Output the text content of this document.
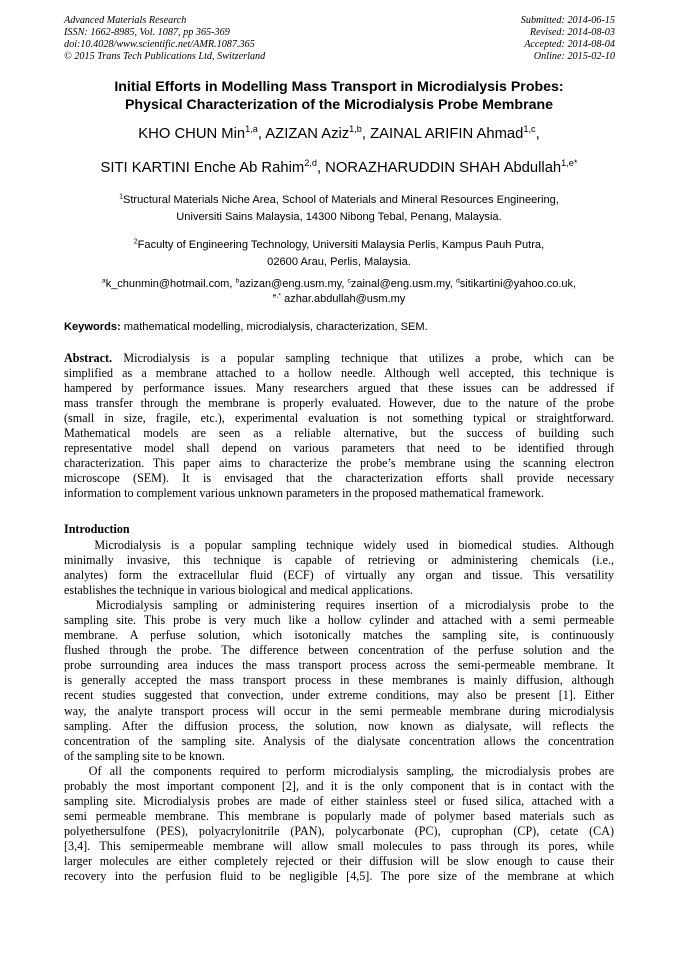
Advanced Materials Research
ISSN: 1662-8985, Vol. 1087, pp 365-369
doi:10.4028/www.scientific.net/AMR.1087.365
© 2015 Trans Tech Publications Ltd, Switzerland
Submitted: 2014-06-15
Revised: 2014-08-03
Accepted: 2014-08-04
Online: 2015-02-10
Initial Efforts in Modelling Mass Transport in Microdialysis Probes:
Physical Characterization of the Microdialysis Probe Membrane
KHO CHUN Min$^{1,a}$, AZIZAN Aziz$^{1,b}$, ZAINAL ARIFIN Ahmad$^{1,c}$,
SITI KARTINI Enche Ab Rahim$^{2,d}$, NORAZHARUDDIN SHAH Abdullah$^{1,e*}$
$^1$Structural Materials Niche Area, School of Materials and Mineral Resources Engineering,
Universiti Sains Malaysia, 14300 Nibong Tebal, Penang, Malaysia.
$^2$Faculty of Engineering Technology, Universiti Malaysia Perlis, Kampus Pauh Putra,
02600 Arau, Perlis, Malaysia.
$^a$k_chunmin@hotmail.com, $^b$azizan@eng.usm.my, $^c$zainal@eng.usm.my, $^d$sitikartini@yahoo.co.uk,
$^{e,*}$ azhar.abdullah@usm.my
Keywords: mathematical modelling, microdialysis, characterization, SEM.
Abstract. Microdialysis is a popular sampling technique that utilizes a probe, which can be
simplified as a membrane attached to a hollow needle. Although well accepted, this technique is
hampered by performance issues. Many researchers argued that these issues can be addressed if
mass transfer through the membrane is properly evaluated. However, due to the nature of the probe
(small in size, fragile, etc.), experimental evaluation is not something typical or straightforward.
Mathematical models are seen as a reliable alternative, but the success of building such
representative model shall depend on various parameters that need to be identified through
characterization. This paper aims to characterize the probe’s membrane using the scanning electron
microscope (SEM). It is envisaged that the characterization efforts shall provide necessary
information to complement various unknown parameters in the proposed mathematical framework.
Introduction
Microdialysis is a popular sampling technique widely used in biomedical studies. Although
minimally invasive, this technique is capable of retrieving or administering chemicals (i.e.,
analytes) form the extracellular fluid (ECF) of virtually any organ and tissue. This versatility
establishes the technique in various biological and medical applications.
Microdialysis sampling or administering requires insertion of a microdialysis probe to the
sampling site. This probe is very much like a hollow cylinder and attached with a semi permeable
membrane. A perfuse solution, which isotonically matches the sampling site, is continuously
flushed through the probe. The difference between concentration of the perfuse solution and the
probe surrounding area induces the mass transport process across the semi-permeable membrane. It
is generally accepted the mass transport process in these membranes is mainly diffusion, although
recent studies suggested that convection, under extreme conditions, may also be present [1]. Either
way, the analyte transport process will occur in the semi permeable membrane during microdialysis
sampling. After the diffusion process, the solution, now known as dialysate, will reflects the
concentration of the sampling site. Analysis of the dialysate concentration allows the concentration
of the sampling site to be known.
Of all the components required to perform microdialysis sampling, the microdialysis probes are
probably the most important component [2], and it is the only component that is in contact with the
sampling site. Microdialysis probes are made of either stainless steel or fused silica, attached with a
semi permeable membrane. This membrane is popularly made of polymer based materials such as
polyethersulfone (PES), polyacrylonitrile (PAN), polycarbonate (PC), cuprophan (CP), cetate (CA)
[3,4]. This semipermeable membrane will allow small molecules to pass through its pores, while
larger molecules are either completely rejected or their diffusion will be slow enough to cause their
recovery into the perfusion fluid to be negligible [4,5]. The pore size of the membrane at which
